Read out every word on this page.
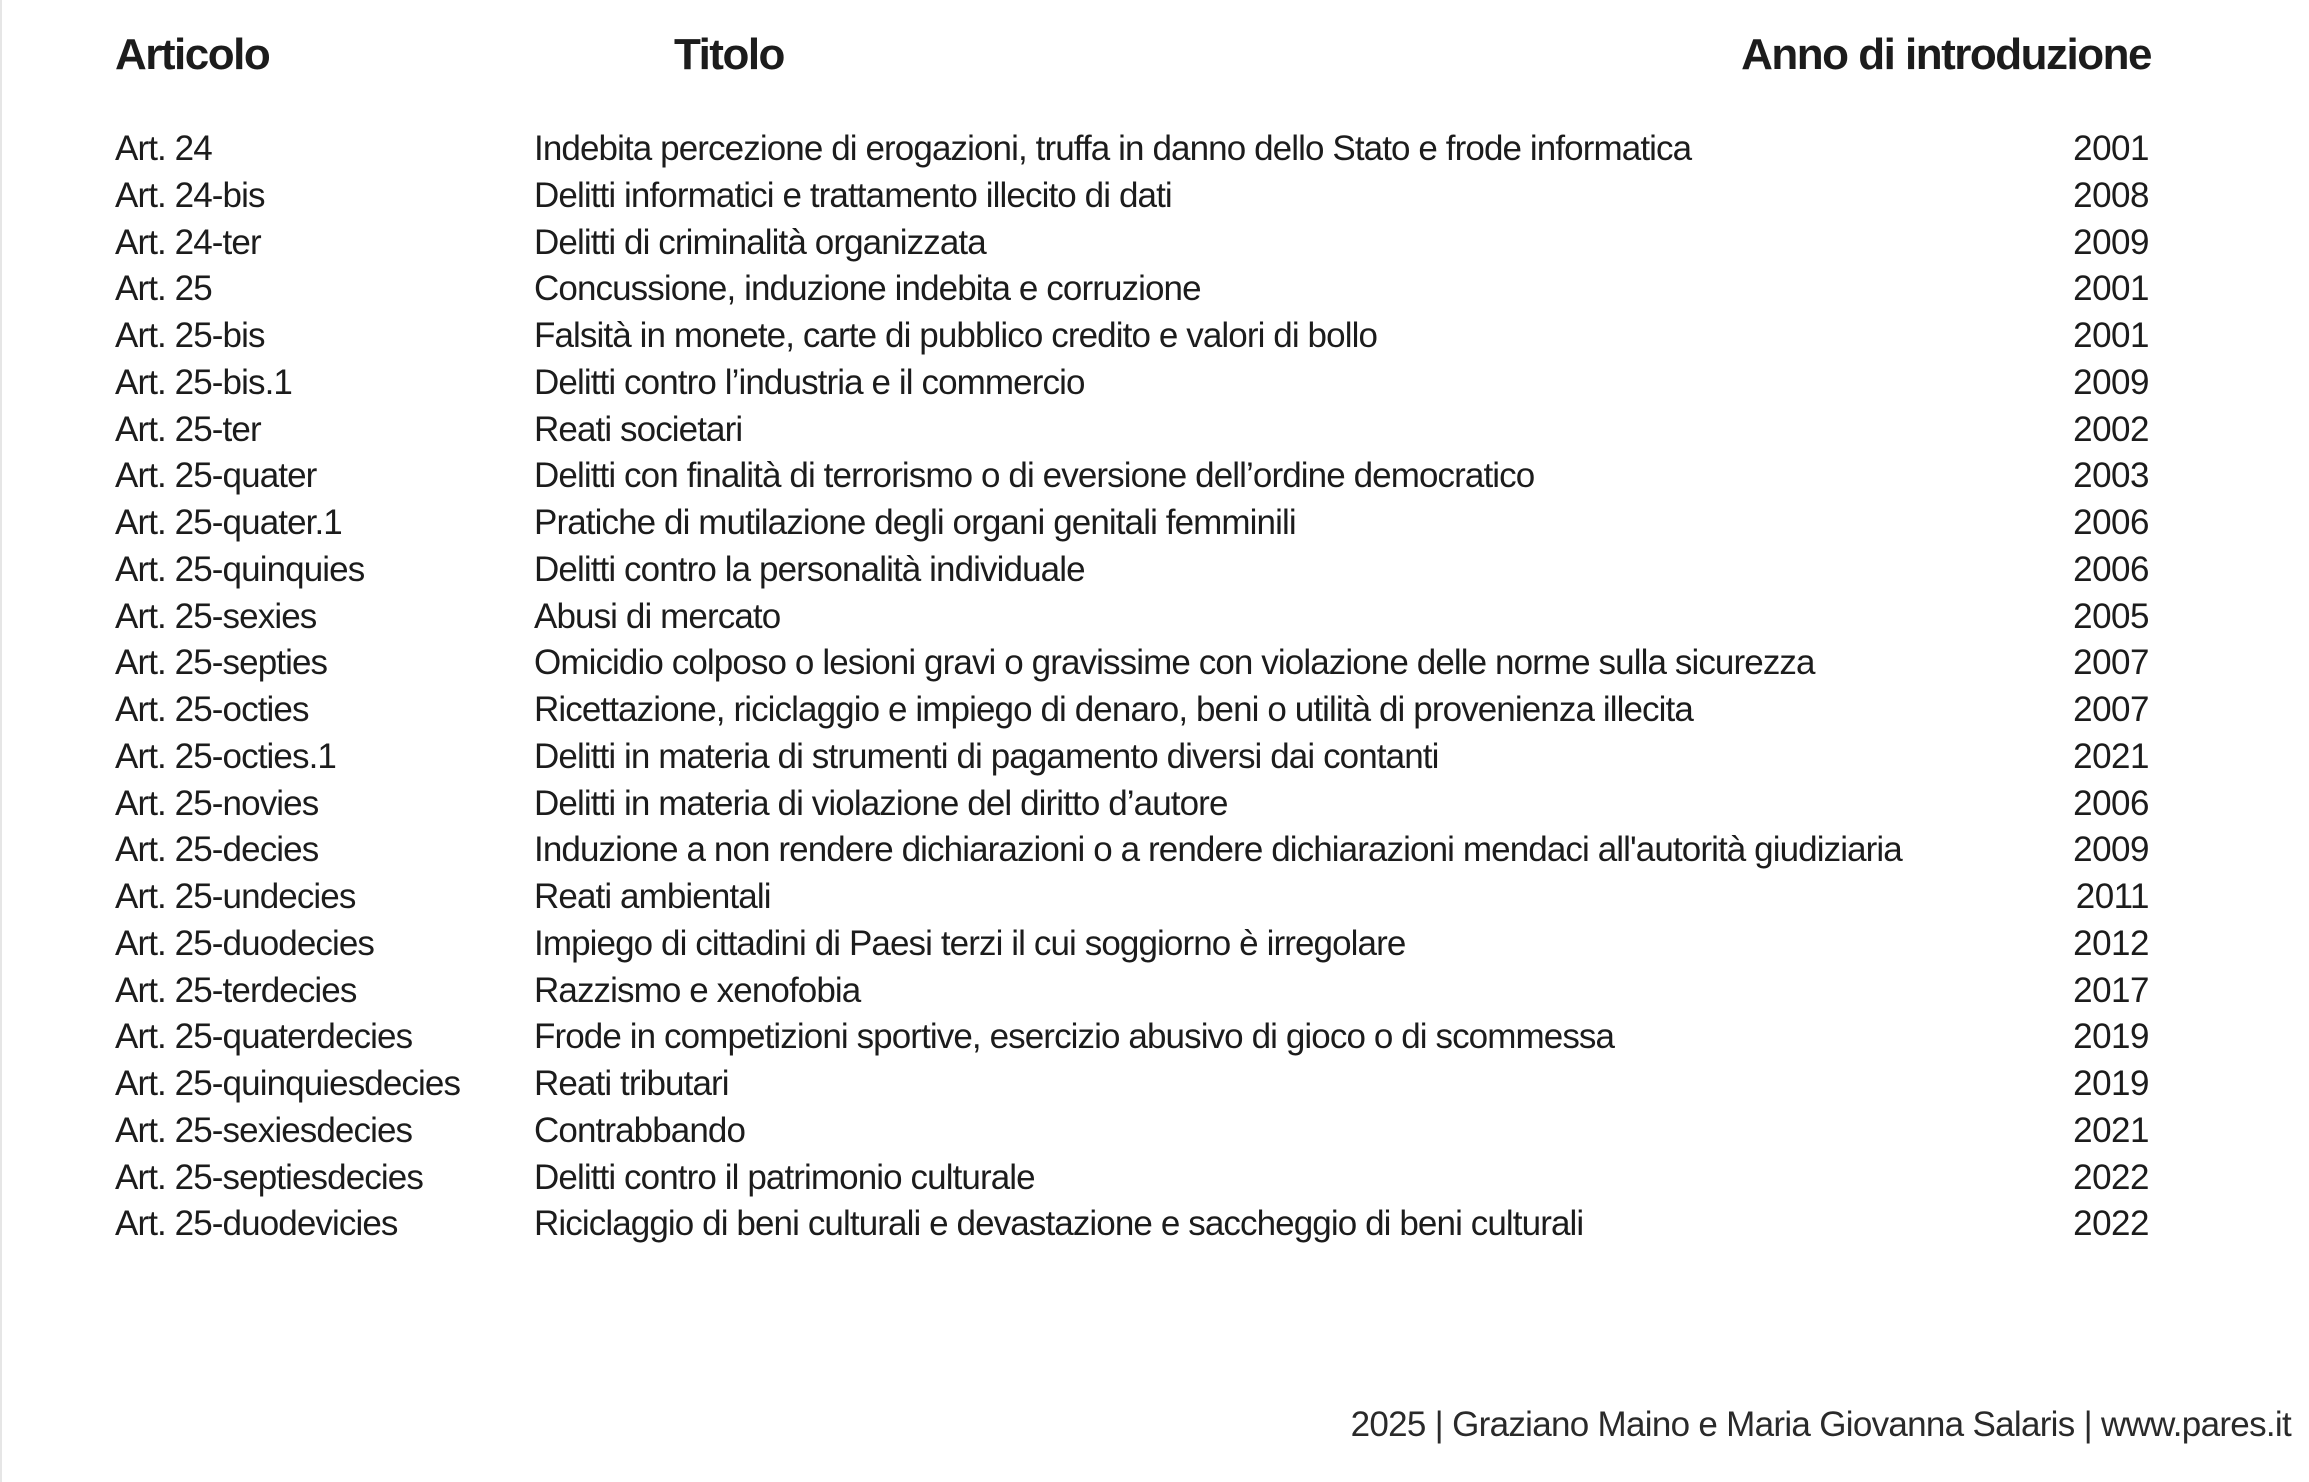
Articolo	Titolo	Anno di introduzione
Art. 24	Indebita percezione di erogazioni, truffa in danno dello Stato e frode informatica	2001
Art. 24-bis	Delitti informatici e trattamento illecito di dati	2008
Art. 24-ter	Delitti di criminalità organizzata	2009
Art. 25	Concussione, induzione indebita e corruzione	2001
Art. 25-bis	Falsità in monete, carte di pubblico credito e valori di bollo	2001
Art. 25-bis.1	Delitti contro l’industria e il commercio	2009
Art. 25-ter	Reati societari	2002
Art. 25-quater	Delitti con finalità di terrorismo o di eversione dell’ordine democratico	2003
Art. 25-quater.1	Pratiche di mutilazione degli organi genitali femminili	2006
Art. 25-quinquies	Delitti contro la personalità individuale	2006
Art. 25-sexies	Abusi di mercato	2005
Art. 25-septies	Omicidio colposo o lesioni gravi o gravissime con violazione delle norme sulla sicurezza	2007
Art. 25-octies	Ricettazione, riciclaggio e impiego di denaro, beni o utilità di provenienza illecita	2007
Art. 25-octies.1	Delitti in materia di strumenti di pagamento diversi dai contanti	2021
Art. 25-novies	Delitti in materia di violazione del diritto d’autore	2006
Art. 25-decies	Induzione a non rendere dichiarazioni o a rendere dichiarazioni mendaci all'autorità giudiziaria	2009
Art. 25-undecies	Reati ambientali	2011
Art. 25-duodecies	Impiego di cittadini di Paesi terzi il cui soggiorno è irregolare	2012
Art. 25-terdecies	Razzismo e xenofobia	2017
Art. 25-quaterdecies	Frode in competizioni sportive, esercizio abusivo di gioco o di scommessa	2019
Art. 25-quinquiesdecies Reati tributari	2019
Art. 25-sexiesdecies	Contrabbando	2021
Art. 25-septiesdecies	Delitti contro il patrimonio culturale	2022
Art. 25-duodevicies	Riciclaggio di beni culturali e devastazione e saccheggio di beni culturali	2022
2025 | Graziano Maino e Maria Giovanna Salaris | www.pares.it
